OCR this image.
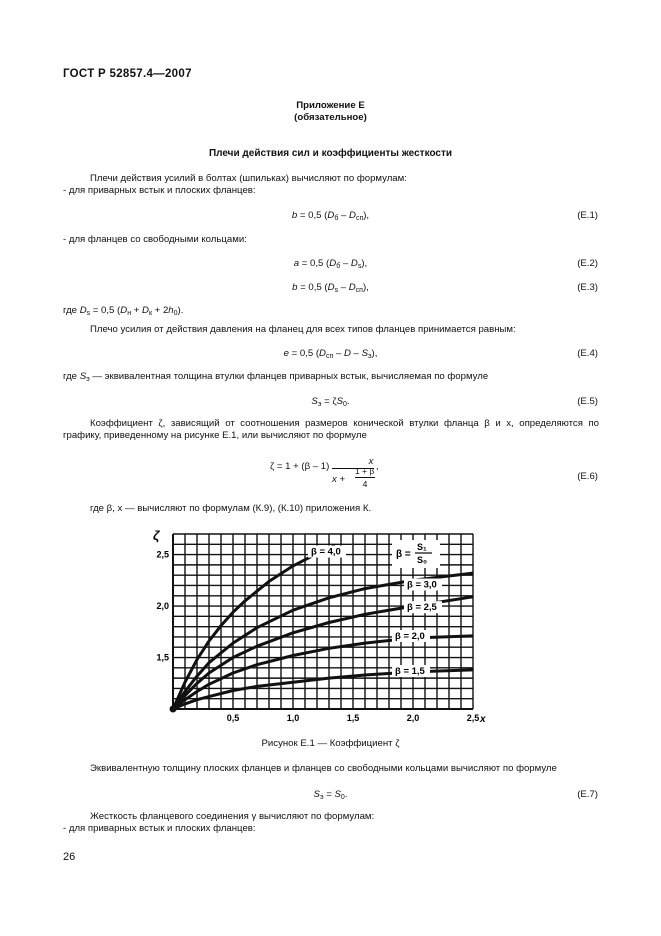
ГОСТ Р 52857.4—2007
Приложение Е
(обязательное)
Плечи действия сил и коэффициенты жесткости
Плечи действия усилий в болтах (шпильках) вычисляют по формулам:
- для приварных встык и плоских фланцев:
b = 0,5 $(D_б - D_{сп})$,	(Е.1)
- для фланцев со свободными кольцами:
a = 0,5 $(D_б - D_s)$,	(Е.2)
b = 0,5 $(D_s - D_{сп})$,	(Е.3)
где $D_s = 0,5$ $(D_н + D_к + 2h_0)$.
Плечо усилия от действия давления на фланец для всех типов фланцев принимается равным:
e = 0,5 ($D_{сп}$ – D – $S_э$),	(Е.4)
где $S_э$ — эквивалентная толщина втулки фланцев приварных встык, вычисляемая по формуле
$S_э = \zeta S_0$.	(Е.5)
Коэффициент ζ, зависящий от соотношения размеров конической втулки фланца β и x, определяются по графику, приведенному на рисунке Е.1, или вычисляют по формуле
ζ = 1 + (β – 1)	x
x +
1 + β
4
,
(Е.6)
где β, x — вычисляют по формулам (К.9), (К.10) приложения К.
0,5	1,0	1,5	2,0	2,5
1,5
2,0
2,5	β = 4,0
β = 3,0
β = 2,5
β = 2,0
β = 1,5
ζ
x
β =
S₁
S₀
Рисунок Е.1 — Коэффициент ζ
Эквивалентную толщину плоских фланцев и фланцев со свободными кольцами вычисляют по формуле
$S_э = S_0$.	(Е.7)
Жесткость фланцевого соединения γ вычисляют по формулам:
- для приварных встык и плоских фланцев:
26
